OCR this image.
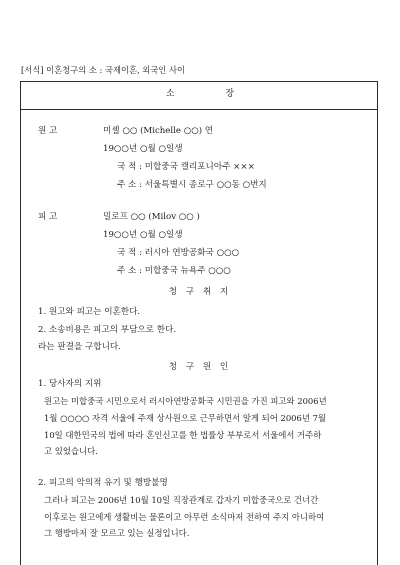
[서식] 이혼청구의 소 : 국제이혼, 외국인 사이
소 장
원 고	미셸 ○○ (Michelle ○○) 연
19○○년 ○월 ○일생
국 적 : 미합중국 캘리포니아주 ×××
주 소 : 서울특별시 종로구 ○○동 ○번지
피 고	밀로프 ○○ (Milov ○○ )
19○○년 ○월 ○일생
국 적 : 러시아 연방공화국 ○○○
주 소 : 미합중국 뉴욕주 ○○○
청 구 취 지
1. 원고와 피고는 이혼한다.
2. 소송비용은 피고의 부담으로 한다.
라는 판결을 구합니다.
청 구 원 인
1. 당사자의 지위
원고는 미합중국 시민으로서 러시아연방공화국 시민권을 가진 피고와 2006년
1월 ○○○○ 자격 서울에 주재 상사원으로 근무하면서 알게 되어 2006년 7월
10일 대한민국의 법에 따라 혼인신고를 한 법률상 부부로서 서울에서 거주하
고 있었습니다.
2. 피고의 악의적 유기 및 행방불명
그러나 피고는 2006년 10월 10일 직장관계로 갑자기 미합중국으로 건너간
이후로는 원고에게 생활비는 물론이고 아무런 소식마저 전하여 주지 아니하여
그 행방마저 잘 모르고 있는 실정입니다.
